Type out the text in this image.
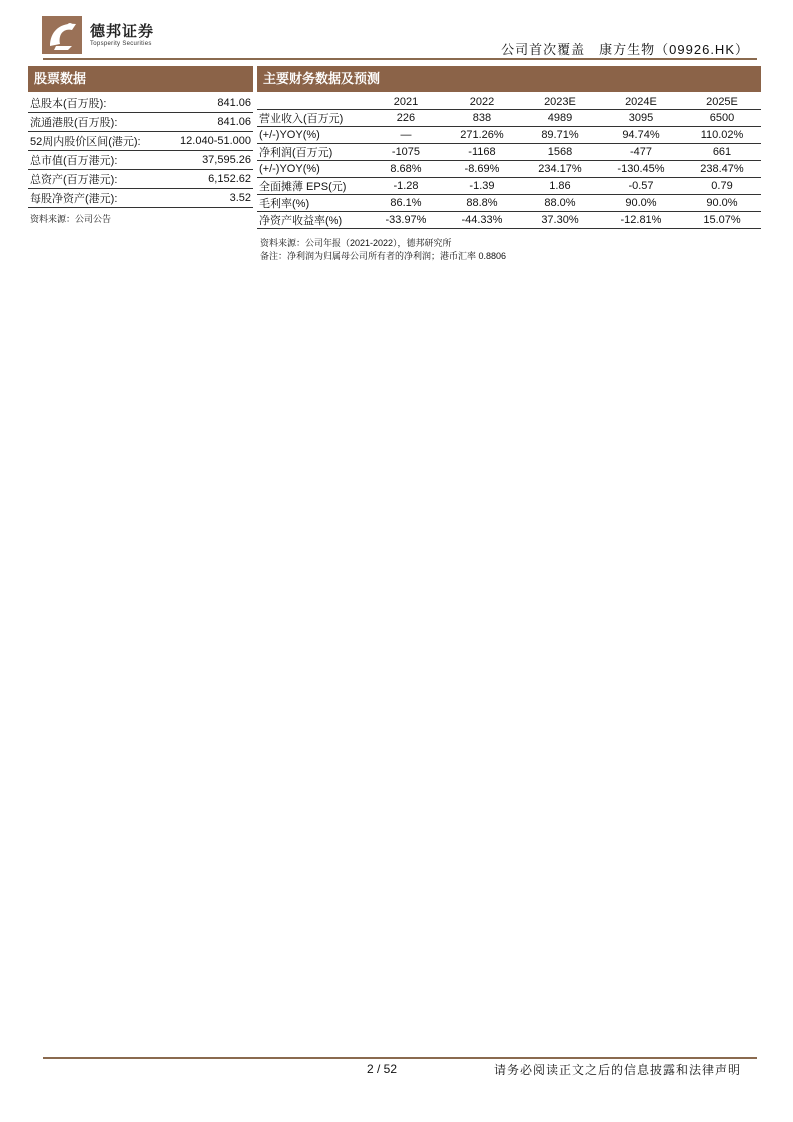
德邦证券
Topsperity Securities	公司首次覆盖　康方生物（09926.HK）
股票数据
总股本(百万股):	841.06
流通港股(百万股):	841.06
52周内股价区间(港元):	12.040-51.000
总市值(百万港元):	37,595.26
总资产(百万港元):	6,152.62
每股净资产(港元):	3.52
资料来源：公司公告
主要财务数据及预测
	2021	2022	2023E	2024E	2025E
营业收入(百万元)	226	838	4989	3095	6500
(+/-)YOY(%)	—	271.26%	89.71%	94.74%	110.02%
净利润(百万元)	-1075	-1168	1568	-477	661
(+/-)YOY(%)	8.68%	-8.69%	234.17%	-130.45%	238.47%
全面摊薄 EPS(元)	-1.28	-1.39	1.86	-0.57	0.79
毛利率(%)	86.1%	88.8%	88.0%	90.0%	90.0%
净资产收益率(%)	-33.97%	-44.33%	37.30%	-12.81%	15.07%
资料来源：公司年报（2021-2022），德邦研究所
备注：净利润为归属母公司所有者的净利润；港币汇率 0.8806
2 / 52	请务必阅读正文之后的信息披露和法律声明
